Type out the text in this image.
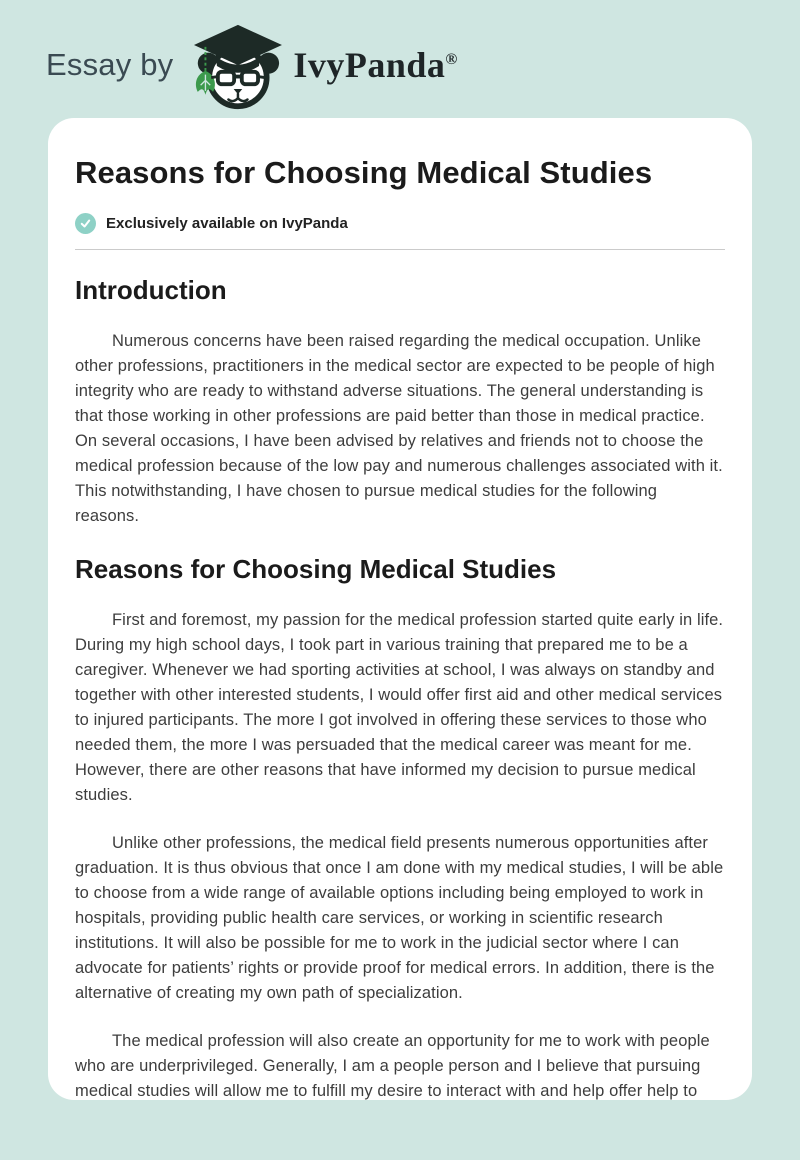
Essay by	IvyPanda®
Reasons for Choosing Medical Studies
Exclusively available on IvyPanda
Introduction

Numerous concerns have been raised regarding the medical occupation. Unlike other professions, practitioners in the medical sector are expected to be people of high integrity who are ready to withstand adverse situations. The general understanding is that those working in other professions are paid better than those in medical practice. On several occasions, I have been advised by relatives and friends not to choose the medical profession because of the low pay and numerous challenges associated with it. This notwithstanding, I have chosen to pursue medical studies for the following reasons.

Reasons for Choosing Medical Studies

First and foremost, my passion for the medical profession started quite early in life. During my high school days, I took part in various training that prepared me to be a caregiver. Whenever we had sporting activities at school, I was always on standby and together with other interested students, I would offer first aid and other medical services to injured participants. The more I got involved in offering these services to those who needed them, the more I was persuaded that the medical career was meant for me. However, there are other reasons that have informed my decision to pursue medical studies.

Unlike other professions, the medical field presents numerous opportunities after graduation. It is thus obvious that once I am done with my medical studies, I will be able to choose from a wide range of available options including being employed to work in hospitals, providing public health care services, or working in scientific research institutions. It will also be possible for me to work in the judicial sector where I can advocate for patients’ rights or provide proof for medical errors. In addition, there is the alternative of creating my own path of specialization.

The medical profession will also create an opportunity for me to work with people who are underprivileged. Generally, I am a people person and I believe that pursuing medical studies will allow me to fulfill my desire to interact with and help offer help to
